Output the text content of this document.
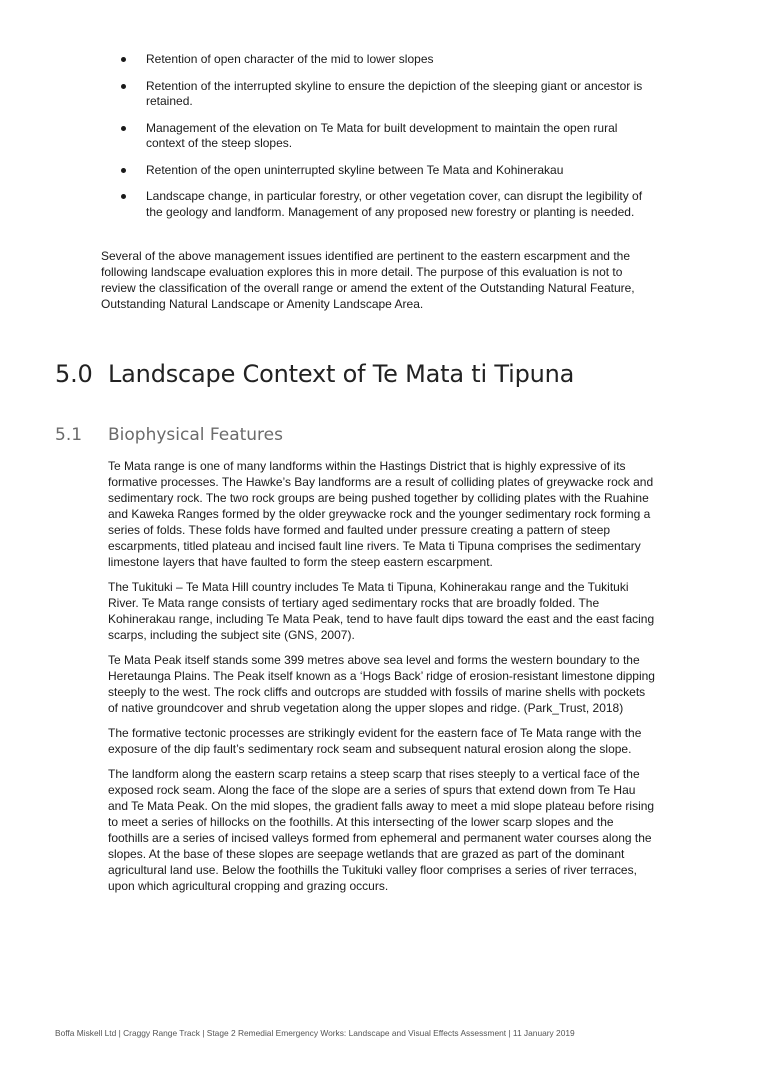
Retention of open character of the mid to lower slopes
Retention of the interrupted skyline to ensure the depiction of the sleeping giant or ancestor is retained.
Management of the elevation on Te Mata for built development to maintain the open rural context of the steep slopes.
Retention of the open uninterrupted skyline between Te Mata and Kohinerakau
Landscape change, in particular forestry, or other vegetation cover, can disrupt the legibility of the geology and landform. Management of any proposed new forestry or planting is needed.

Several of the above management issues identified are pertinent to the eastern escarpment and the following landscape evaluation explores this in more detail. The purpose of this evaluation is not to review the classification of the overall range or amend the extent of the Outstanding Natural Feature, Outstanding Natural Landscape or Amenity Landscape Area.

5.0 Landscape Context of Te Mata ti Tipuna
5.1 Biophysical Features

Te Mata range is one of many landforms within the Hastings District that is highly expressive of its formative processes. The Hawke’s Bay landforms are a result of colliding plates of greywacke rock and sedimentary rock. The two rock groups are being pushed together by colliding plates with the Ruahine and Kaweka Ranges formed by the older greywacke rock and the younger sedimentary rock forming a series of folds. These folds have formed and faulted under pressure creating a pattern of steep escarpments, titled plateau and incised fault line rivers. Te Mata ti Tipuna comprises the sedimentary limestone layers that have faulted to form the steep eastern escarpment.

The Tukituki – Te Mata Hill country includes Te Mata ti Tipuna, Kohinerakau range and the Tukituki River. Te Mata range consists of tertiary aged sedimentary rocks that are broadly folded. The Kohinerakau range, including Te Mata Peak, tend to have fault dips toward the east and the east facing scarps, including the subject site (GNS, 2007).

Te Mata Peak itself stands some 399 metres above sea level and forms the western boundary to the Heretaunga Plains. The Peak itself known as a ‘Hogs Back’ ridge of erosion-resistant limestone dipping steeply to the west. The rock cliffs and outcrops are studded with fossils of marine shells with pockets of native groundcover and shrub vegetation along the upper slopes and ridge. (Park_Trust, 2018)

The formative tectonic processes are strikingly evident for the eastern face of Te Mata range with the exposure of the dip fault’s sedimentary rock seam and subsequent natural erosion along the slope.

The landform along the eastern scarp retains a steep scarp that rises steeply to a vertical face of the exposed rock seam. Along the face of the slope are a series of spurs that extend down from Te Hau and Te Mata Peak. On the mid slopes, the gradient falls away to meet a mid slope plateau before rising to meet a series of hillocks on the foothills. At this intersecting of the lower scarp slopes and the foothills are a series of incised valleys formed from ephemeral and permanent water courses along the slopes. At the base of these slopes are seepage wetlands that are grazed as part of the dominant agricultural land use. Below the foothills the Tukituki valley floor comprises a series of river terraces, upon which agricultural cropping and grazing occurs.

Boffa Miskell Ltd | Craggy Range Track | Stage 2 Remedial Emergency Works: Landscape and Visual Effects Assessment | 11 January 2019
